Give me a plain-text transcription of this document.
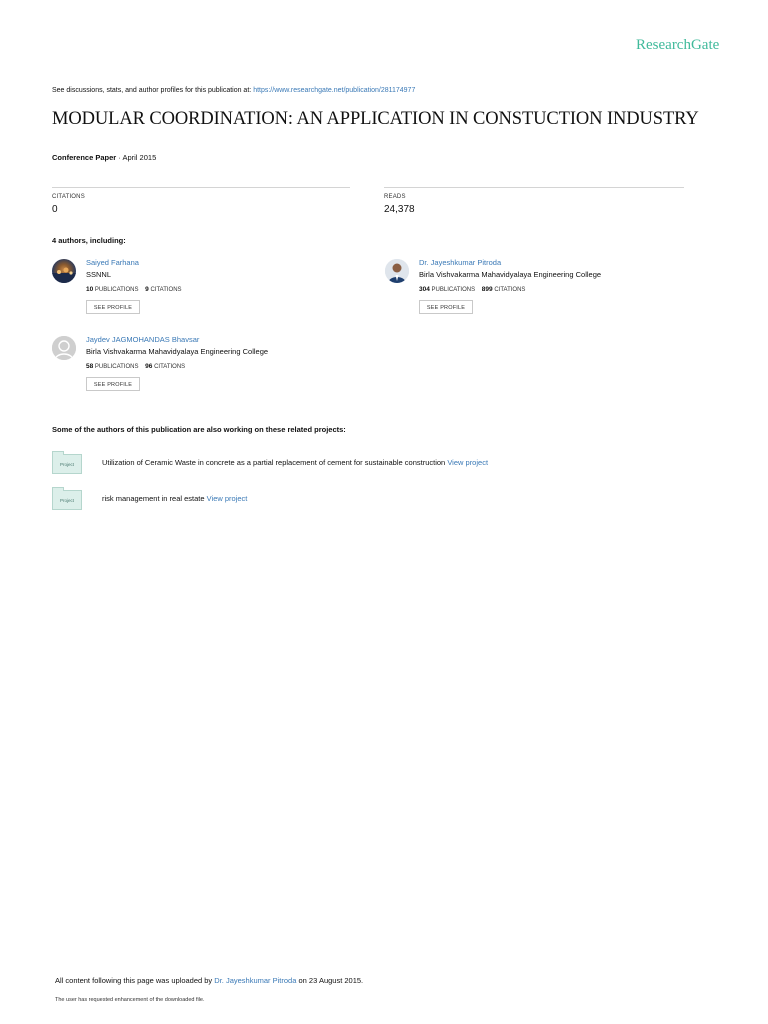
ResearchGate
See discussions, stats, and author profiles for this publication at: https://www.researchgate.net/publication/281174977
MODULAR COORDINATION: AN APPLICATION IN CONSTUCTION INDUSTRY
Conference Paper · April 2015
CITATIONS
0
READS
24,378
4 authors, including:
Saiyed Farhana
SSNNL
10 PUBLICATIONS 9 CITATIONS
SEE PROFILE
Dr. Jayeshkumar Pitroda
Birla Vishvakarma Mahavidyalaya Engineering College
304 PUBLICATIONS 899 CITATIONS
SEE PROFILE
Jaydev JAGMOHANDAS Bhavsar
Birla Vishvakarma Mahavidyalaya Engineering College
58 PUBLICATIONS 96 CITATIONS
SEE PROFILE
Some of the authors of this publication are also working on these related projects:
Project	Utilization of Ceramic Waste in concrete as a partial replacement of cement for sustainable construction View project
Project	risk management in real estate View project
All content following this page was uploaded by Dr. Jayeshkumar Pitroda on 23 August 2015.
The user has requested enhancement of the downloaded file.
